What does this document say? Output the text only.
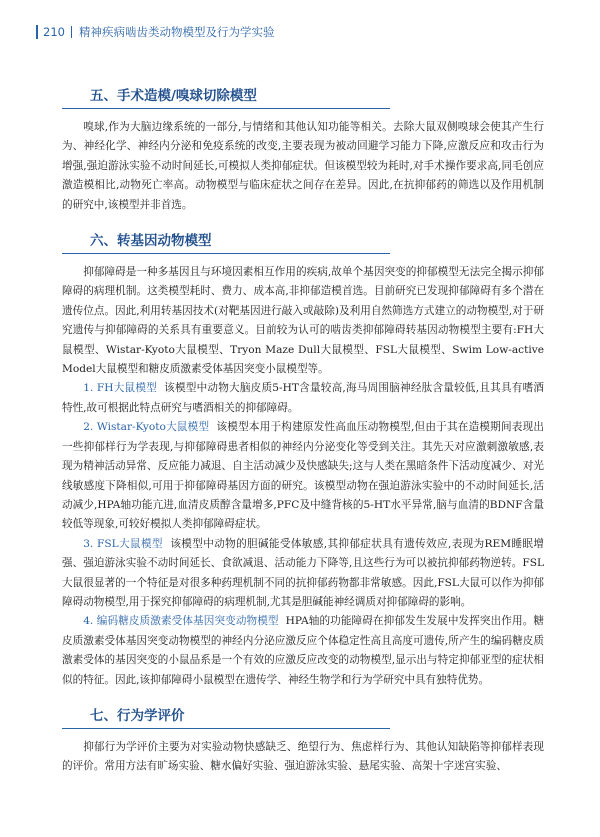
210 精神疾病啮齿类动物模型及行为学实验
五、手术造模/嗅球切除模型

嗅球,作为大脑边缘系统的一部分,与情绪和其他认知功能等相关。去除大鼠双侧嗅球会使其产生行为、神经化学、神经内分泌和免疫系统的改变,主要表现为被动回避学习能力下降,应激反应和攻击行为增强,强迫游泳实验不动时间延长,可模拟人类抑郁症状。但该模型较为耗时,对手术操作要求高,同毛创应激造模相比,动物死亡率高。动物模型与临床症状之间存在差异。因此,在抗抑郁药的筛选以及作用机制的研究中,该模型并非首选。

六、转基因动物模型

抑郁障碍是一种多基因且与环境因素相互作用的疾病,故单个基因突变的抑郁模型无法完全揭示抑郁障碍的病理机制。这类模型耗时、费力、成本高,非抑郁造模首选。目前研究已发现抑郁障碍有多个潜在遗传位点。因此,利用转基因技术(对靶基因进行敲入或敲除)及利用自然筛选方式建立的动物模型,对于研究遗传与抑郁障碍的关系具有重要意义。目前较为认可的啮齿类抑郁障碍转基因动物模型主要有:FH大鼠模型、Wistar-Kyoto大鼠模型、Tryon Maze Dull大鼠模型、FSL大鼠模型、Swim Low-active Model大鼠模型和糖皮质激素受体基因突变小鼠模型等。

1. FH大鼠模型 该模型中动物大脑皮质5-HT含量较高,海马周围脑神经肽含量较低,且其具有嗜酒特性,故可根据此特点研究与嗜酒相关的抑郁障碍。

2. Wistar-Kyoto大鼠模型 该模型本用于构建原发性高血压动物模型,但由于其在造模期间表现出一些抑郁样行为学表现,与抑郁障碍患者相似的神经内分泌变化等受到关注。其先天对应激刺激敏感,表现为精神活动异常、反应能力减退、自主活动减少及快感缺失;这与人类在黑暗条件下活动度减少、对光线敏感度下降相似,可用于抑郁障碍基因方面的研究。该模型动物在强迫游泳实验中的不动时间延长,活动减少,HPA轴功能亢进,血清皮质醇含量增多,PFC及中缝背核的5-HT水平异常,脑与血清的BDNF含量较低等现象,可较好模拟人类抑郁障碍症状。

3. FSL大鼠模型 该模型中动物的胆碱能受体敏感,其抑郁症状具有遗传效应,表现为REM睡眠增强、强迫游泳实验不动时间延长、食欲减退、活动能力下降等,且这些行为可以被抗抑郁药物逆转。FSL大鼠很显著的一个特征是对很多种药理机制不同的抗抑郁药物都非常敏感。因此,FSL大鼠可以作为抑郁障碍动物模型,用于探究抑郁障碍的病理机制,尤其是胆碱能神经调质对抑郁障碍的影响。

4. 编码糖皮质激素受体基因突变动物模型 HPA轴的功能障碍在抑郁发生发展中发挥突出作用。糖皮质激素受体基因突变动物模型的神经内分泌应激反应个体稳定性高且高度可遗传,所产生的编码糖皮质激素受体的基因突变的小鼠品系是一个有效的应激反应改变的动物模型,显示出与特定抑郁亚型的症状相似的特征。因此,该抑郁障碍小鼠模型在遗传学、神经生物学和行为学研究中具有独特优势。

七、行为学评价

抑郁行为学评价主要为对实验动物快感缺乏、绝望行为、焦虑样行为、其他认知缺陷等抑郁样表现的评价。常用方法有旷场实验、糖水偏好实验、强迫游泳实验、悬尾实验、高架十字迷宫实验、
